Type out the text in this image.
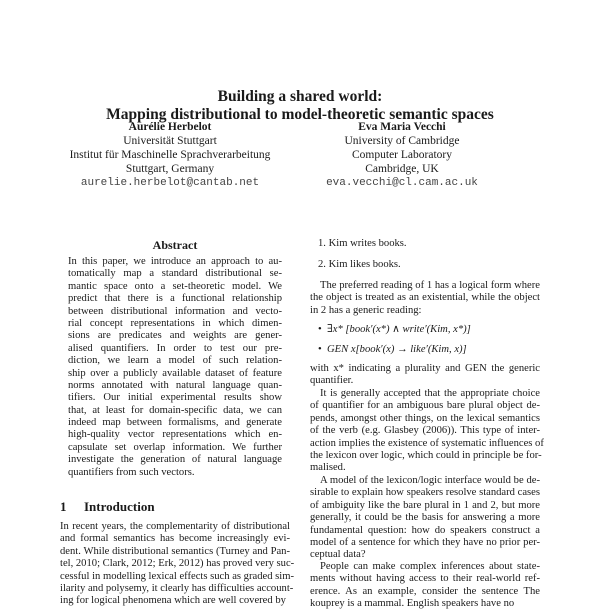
Building a shared world:
Mapping distributional to model-theoretic semantic spaces
Aurélie Herbelot
Universität Stuttgart
Institut für Maschinelle Sprachverarbeitung
Stuttgart, Germany
aurelie.herbelot@cantab.net
Eva Maria Vecchi
University of Cambridge
Computer Laboratory
Cambridge, UK
eva.vecchi@cl.cam.ac.uk
Abstract
In this paper, we introduce an approach to au-
tomatically map a standard distributional se-
mantic space onto a set-theoretic model. We
predict that there is a functional relationship
between distributional information and vecto-
rial concept representations in which dimen-
sions are predicates and weights are gener-
alised quantifiers. In order to test our pre-
diction, we learn a model of such relation-
ship over a publicly available dataset of feature
norms annotated with natural language quan-
tifiers. Our initial experimental results show
that, at least for domain-specific data, we can
indeed map between formalisms, and generate
high-quality vector representations which en-
capsulate set overlap information. We further
investigate the generation of natural language
quantifiers from such vectors.
1 Introduction
In recent years, the complementarity of distributional
and formal semantics has become increasingly evi-
dent. While distributional semantics (Turney and Pan-
tel, 2010; Clark, 2012; Erk, 2012) has proved very suc-
cessful in modelling lexical effects such as graded sim-
ilarity and polysemy, it clearly has difficulties account-
ing for logical phenomena which are well covered by
1. Kim writes books.
2. Kim likes books.
The preferred reading of 1 has a logical form where
the object is treated as an existential, while the object
in 2 has a generic reading:
•  ∃x* [book′(x*) ∧ write′(Kim, x*)]
•  GEN x[book′(x) → like′(Kim, x)]
with x* indicating a plurality and GEN the generic
quantifier.
It is generally accepted that the appropriate choice
of quantifier for an ambiguous bare plural object de-
pends, amongst other things, on the lexical semantics
of the verb (e.g. Glasbey (2006)). This type of inter-
action implies the existence of systematic influences of
the lexicon over logic, which could in principle be for-
malised.
A model of the lexicon/logic interface would be de-
sirable to explain how speakers resolve standard cases
of ambiguity like the bare plural in 1 and 2, but more
generally, it could be the basis for answering a more
fundamental question: how do speakers construct a
model of a sentence for which they have no prior per-
ceptual data?
People can make complex inferences about state-
ments without having access to their real-world ref-
erence. As an example, consider the sentence The
kouprey is a mammal. English speakers have no
